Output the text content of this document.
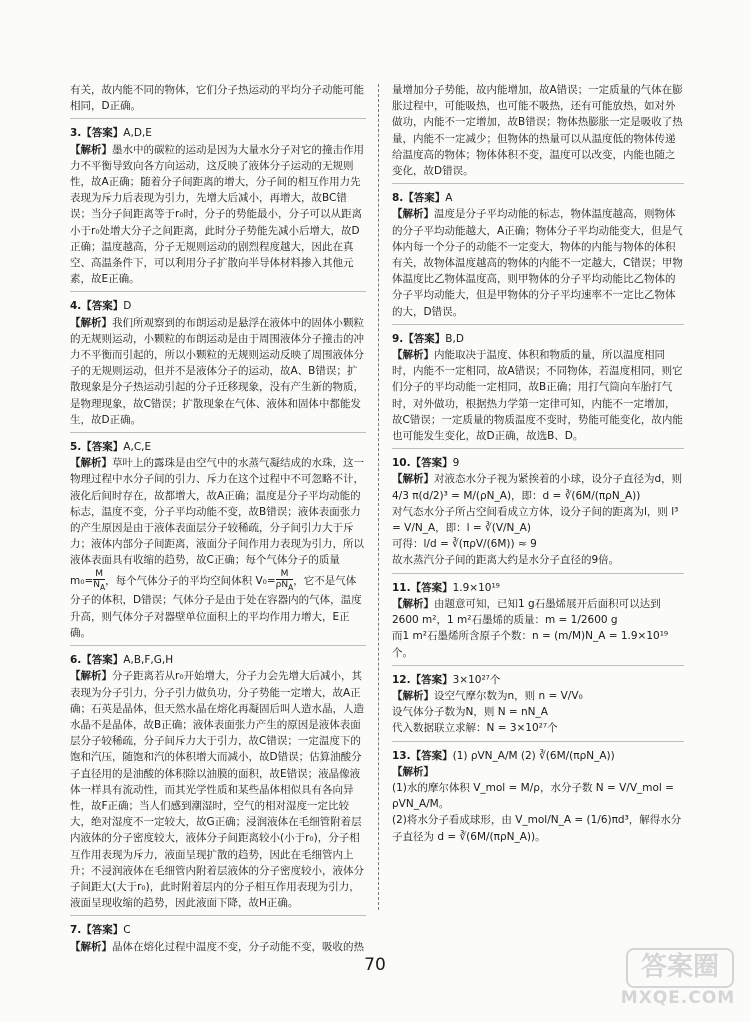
有关，故内能不同的物体，它们分子热运动的平均分子动能可能相同，D正确。

3.【答案】A,D,E

【解析】墨水中的碳粒的运动是因为大量水分子对它的撞击作用力不平衡导致向各方向运动，这反映了液体分子运动的无规则性，故A正确；随着分子间距离的增大，分子间的相互作用力先表现为斥力后表现为引力，先增大后减小，再增大，故BC错误；当分子间距离等于r₀时，分子的势能最小，分子可以从距离小于r₀处增大分子之间距离，此时分子势能先减小后增大，故D正确；温度越高，分子无规则运动的剧烈程度越大，因此在真空、高温条件下，可以利用分子扩散向半导体材料掺入其他元素，故E正确。

4.【答案】D

【解析】我们所观察到的布朗运动是悬浮在液体中的固体小颗粒的无规则运动，小颗粒的布朗运动是由于周围液体分子撞击的冲力不平衡而引起的，所以小颗粒的无规则运动反映了周围液体分子的无规则运动，但并不是液体分子的运动，故A、B错误；扩散现象是分子热运动引起的分子迁移现象，没有产生新的物质，是物理现象，故C错误；扩散现象在气体、液体和固体中都能发生，故D正确。

5.【答案】A,C,E

【解析】草叶上的露珠是由空气中的水蒸气凝结成的水珠，这一物理过程中水分子间的引力、斥力在这个过程中不可忽略不计，液化后间时存在，故都增大，故A正确；温度是分子平均动能的标志，温度不变，分子平均动能不变，故B错误；液体表面张力的产生原因是由于液体表面层分子较稀疏，分子间引力大于斥力；液体内部分子间距离，液面分子间作用力表现为引力，所以液体表面具有收缩的趋势，故C正确；每个气体分子的质量 $m_0= \frac{M}{N_A}$ ，每个气体分子的平均空间体积 $V_0= \frac{M}{\rho N_A}$ ，它不是气体分子的体积，D错误；气体分子是由于处在容器内的气体，温度升高，则气体分子对器壁单位面积上的平均作用力增大，E正确。

6.【答案】A,B,F,G,H

【解析】分子距离若从r₀开始增大，分子力会先增大后减小，其表现为分子引力，分子引力做负功，分子势能一定增大，故A正确；石英是晶体，但天然水晶在熔化再凝固后叫人造水晶，人造水晶不是晶体，故B正确；液体表面张力产生的原因是液体表面层分子较稀疏，分子间斥力大于引力，故C错误；一定温度下的饱和汽压，随饱和汽的体积增大而减小，故D错误；估算油酸分子直径用的是油酸的体积除以油膜的面积，故E错误；液晶像液体一样具有流动性，而其光学性质和某些晶体相似具有各向异性，故F正确；当人们感到潮湿时，空气的相对湿度一定比较大，绝对湿度不一定较大，故G正确；浸润液体在毛细管附着层内液体的分子密度较大，液体分子间距离较小(小于r₀)，分子相互作用表现为斥力，液面呈现扩散的趋势，因此在毛细管内上升；不浸润液体在毛细管内附着层液体的分子密度较小，液体分子间距大(大于r₀)，此时附着层内的分子相互作用表现为引力，液面呈现收缩的趋势，因此液面下降，故H正确。

7.【答案】C

【解析】晶体在熔化过程中温度不变，分子动能不变，吸收的热

量增加分子势能，故内能增加，故A错误；一定质量的气体在膨胀过程中，可能吸热，也可能不吸热，还有可能放热，如对外做功，内能不一定增加，故B错误；物体热膨胀一定是吸收了热量，内能不一定减少；但物体的热量可以从温度低的物体传递给温度高的物体；物体体积不变，温度可以改变，内能也随之变化，故D错误。

8.【答案】A

【解析】温度是分子平均动能的标志，物体温度越高，则物体的分子平均动能越大，A正确；物体分子平均动能变大，但是气体内每一个分子的动能不一定变大，物体的内能与物体的体积有关，故物体温度越高的物体的内能不一定越大，C错误；甲物体温度比乙物体温度高，则甲物体的分子平均动能比乙物体的分子平均动能大，但是甲物体的分子平均速率不一定比乙物体的大，D错误。

9.【答案】B,D

【解析】内能取决于温度、体积和物质的量，所以温度相同时，内能不一定相同，故A错误；不同物体，若温度相同，则它们分子的平均动能一定相同，故B正确；用打气筒向车胎打气时，对外做功，根据热力学第一定律可知，内能不一定增加，故C错误；一定质量的物质温度不变时，势能可能变化，故内能也可能发生变化，故D正确，故选B、D。

10.【答案】9

【解析】对液态水分子视为紧挨着的小球，设分子直径为d，则

4/3 π(d/2)³ = M/(ρN_A)，即：d = ∛(6M/(πρN_A))

对气态水分子所占空间看成立方体，设分子间的距离为l，则 l³ = V/N_A，即：l = ∛(V/N_A)

可得：l/d = ∛(πρV/(6M)) ≈ 9

故水蒸汽分子间的距离大约是水分子直径的9倍。

11.【答案】1.9×10¹⁹

【解析】由题意可知，已知1 g石墨烯展开后面积可以达到2600 m²，1 m²石墨烯的质量：m = 1/2600 g

而1 m²石墨烯所含原子个数：n = (m/M)N_A = 1.9×10¹⁹个。

12.【答案】3×10²⁷个

【解析】设空气摩尔数为n，则 n = V/V₀

设气体分子数为N，则 N = nN_A

代入数据联立求解：N = 3×10²⁷个

13.【答案】(1) ρVN_A/M (2) ∛(6M/(πρN_A))

【解析】

(1)水的摩尔体积 V_mol = M/ρ，水分子数 N = V/V_mol = ρVN_A/M。

(2)将水分子看成球形，由 V_mol/N_A = (1/6)πd³，解得水分子直径为 d = ∛(6M/(πρN_A))。

70	答案圈
MXQE.COM
